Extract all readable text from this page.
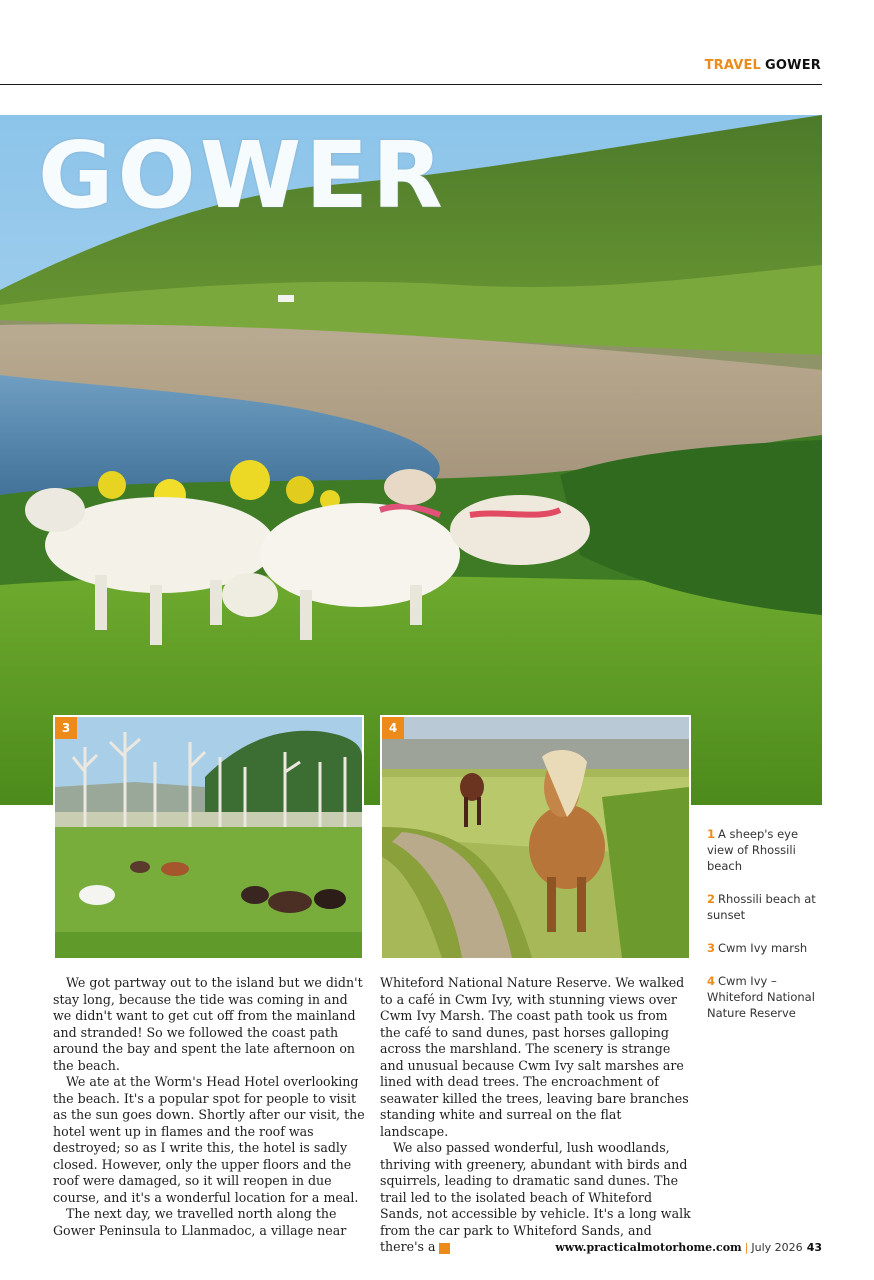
TRAVEL GOWER
GOWER
3	4
1 A sheep's eye view of Rhossili beach
2 Rhossili beach at sunset
3 Cwm Ivy marsh
4 Cwm Ivy – Whiteford National Nature Reserve

We got partway out to the island but we didn't stay long, because the tide was coming in and we didn't want to get cut off from the mainland and stranded! So we followed the coast path around the bay and spent the late afternoon on the beach.

We ate at the Worm's Head Hotel overlooking the beach. It's a popular spot for people to visit as the sun goes down. Shortly after our visit, the hotel went up in flames and the roof was destroyed; so as I write this, the hotel is sadly closed. However, only the upper floors and the roof were damaged, so it will reopen in due course, and it's a wonderful location for a meal.

The next day, we travelled north along the Gower Peninsula to Llanmadoc, a village near

Whiteford National Nature Reserve. We walked to a café in Cwm Ivy, with stunning views over Cwm Ivy Marsh. The coast path took us from the café to sand dunes, past horses galloping across the marshland. The scenery is strange and unusual because Cwm Ivy salt marshes are lined with dead trees. The encroachment of seawater killed the trees, leaving bare branches standing white and surreal on the flat landscape.

We also passed wonderful, lush woodlands, thriving with greenery, abundant with birds and squirrels, leading to dramatic sand dunes. The trail led to the isolated beach of Whiteford Sands, not accessible by vehicle. It's a long walk from the car park to Whiteford Sands, and there's a ▸	www.practicalmotorhome.com | July 2026 43
